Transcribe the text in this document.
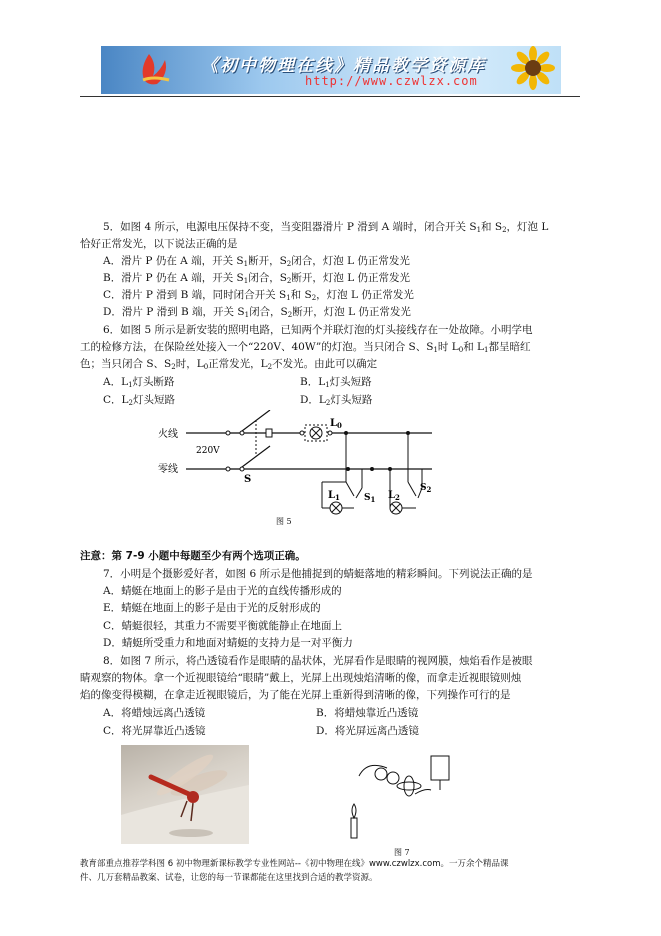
《初中物理在线》精品教学资源库
http://www.czwlzx.com
5．如图 4 所示，电源电压保持不变，当变阻器滑片 P 滑到 A 端时，闭合开关 $S_1$和 $S_2$，灯泡 L
恰好正常发光，以下说法正确的是
A．滑片 P 仍在 A 端，开关 $S_1$断开，$S_2$闭合，灯泡 L 仍正常发光
B．滑片 P 仍在 A 端，开关 $S_1$闭合，$S_2$断开，灯泡 L 仍正常发光
C．滑片 P 滑到 B 端，同时闭合开关 $S_1$和 $S_2$，灯泡 L 仍正常发光
D．滑片 P 滑到 B 端，开关 $S_1$闭合，$S_2$断开，灯泡 L 仍正常发光
6．如图 5 所示是新安装的照明电路，已知两个并联灯泡的灯头接线存在一处故障。小明学电
工的检修方法，在保险丝处接入一个“220V、40W”的灯泡。当只闭合 S、$S_1$时 $L_0$和 $L_1$都呈暗红
色；当只闭合 S、$S_2$时，$L_0$正常发光，$L_2$不发光。由此可以确定
A．$L_1$灯头断路	B．$L_1$灯头短路
C．$L_2$灯头短路	D．$L_2$灯头短路
火线
零线
220V
$L_0$
S
$S_1$
$L_1$
$S_2$
$L_2$
图 5
注意：第 7-9 小题中每题至少有两个选项正确。
7．小明是个摄影爱好者，如图 6 所示是他捕捉到的蜻蜓落地的精彩瞬间。下列说法正确的是
A．蜻蜓在地面上的影子是由于光的直线传播形成的
E．蜻蜓在地面上的影子是由于光的反射形成的
C．蜻蜓很轻，其重力不需要平衡就能静止在地面上
D．蜻蜓所受重力和地面对蜻蜓的支持力是一对平衡力
8．如图 7 所示，将凸透镜看作是眼睛的晶状体，光屏看作是眼睛的视网膜，烛焰看作是被眼
睛观察的物体。拿一个近视眼镜给“眼睛”戴上，光屏上出现烛焰清晰的像，而拿走近视眼镜则烛
焰的像变得模糊，在拿走近视眼镜后，为了能在光屏上重新得到清晰的像，下列操作可行的是
A．将蜡烛远离凸透镜	B．将蜡烛靠近凸透镜
C．将光屏靠近凸透镜	D．将光屏远离凸透镜
图 7
教育部重点推荐学科图 6 初中物理新课标教学专业性网站--《初中物理在线》www.czwlzx.com。一万余个精品课
件、几万套精品教案、试卷，让您的每一节课都能在这里找到合适的教学资源。
